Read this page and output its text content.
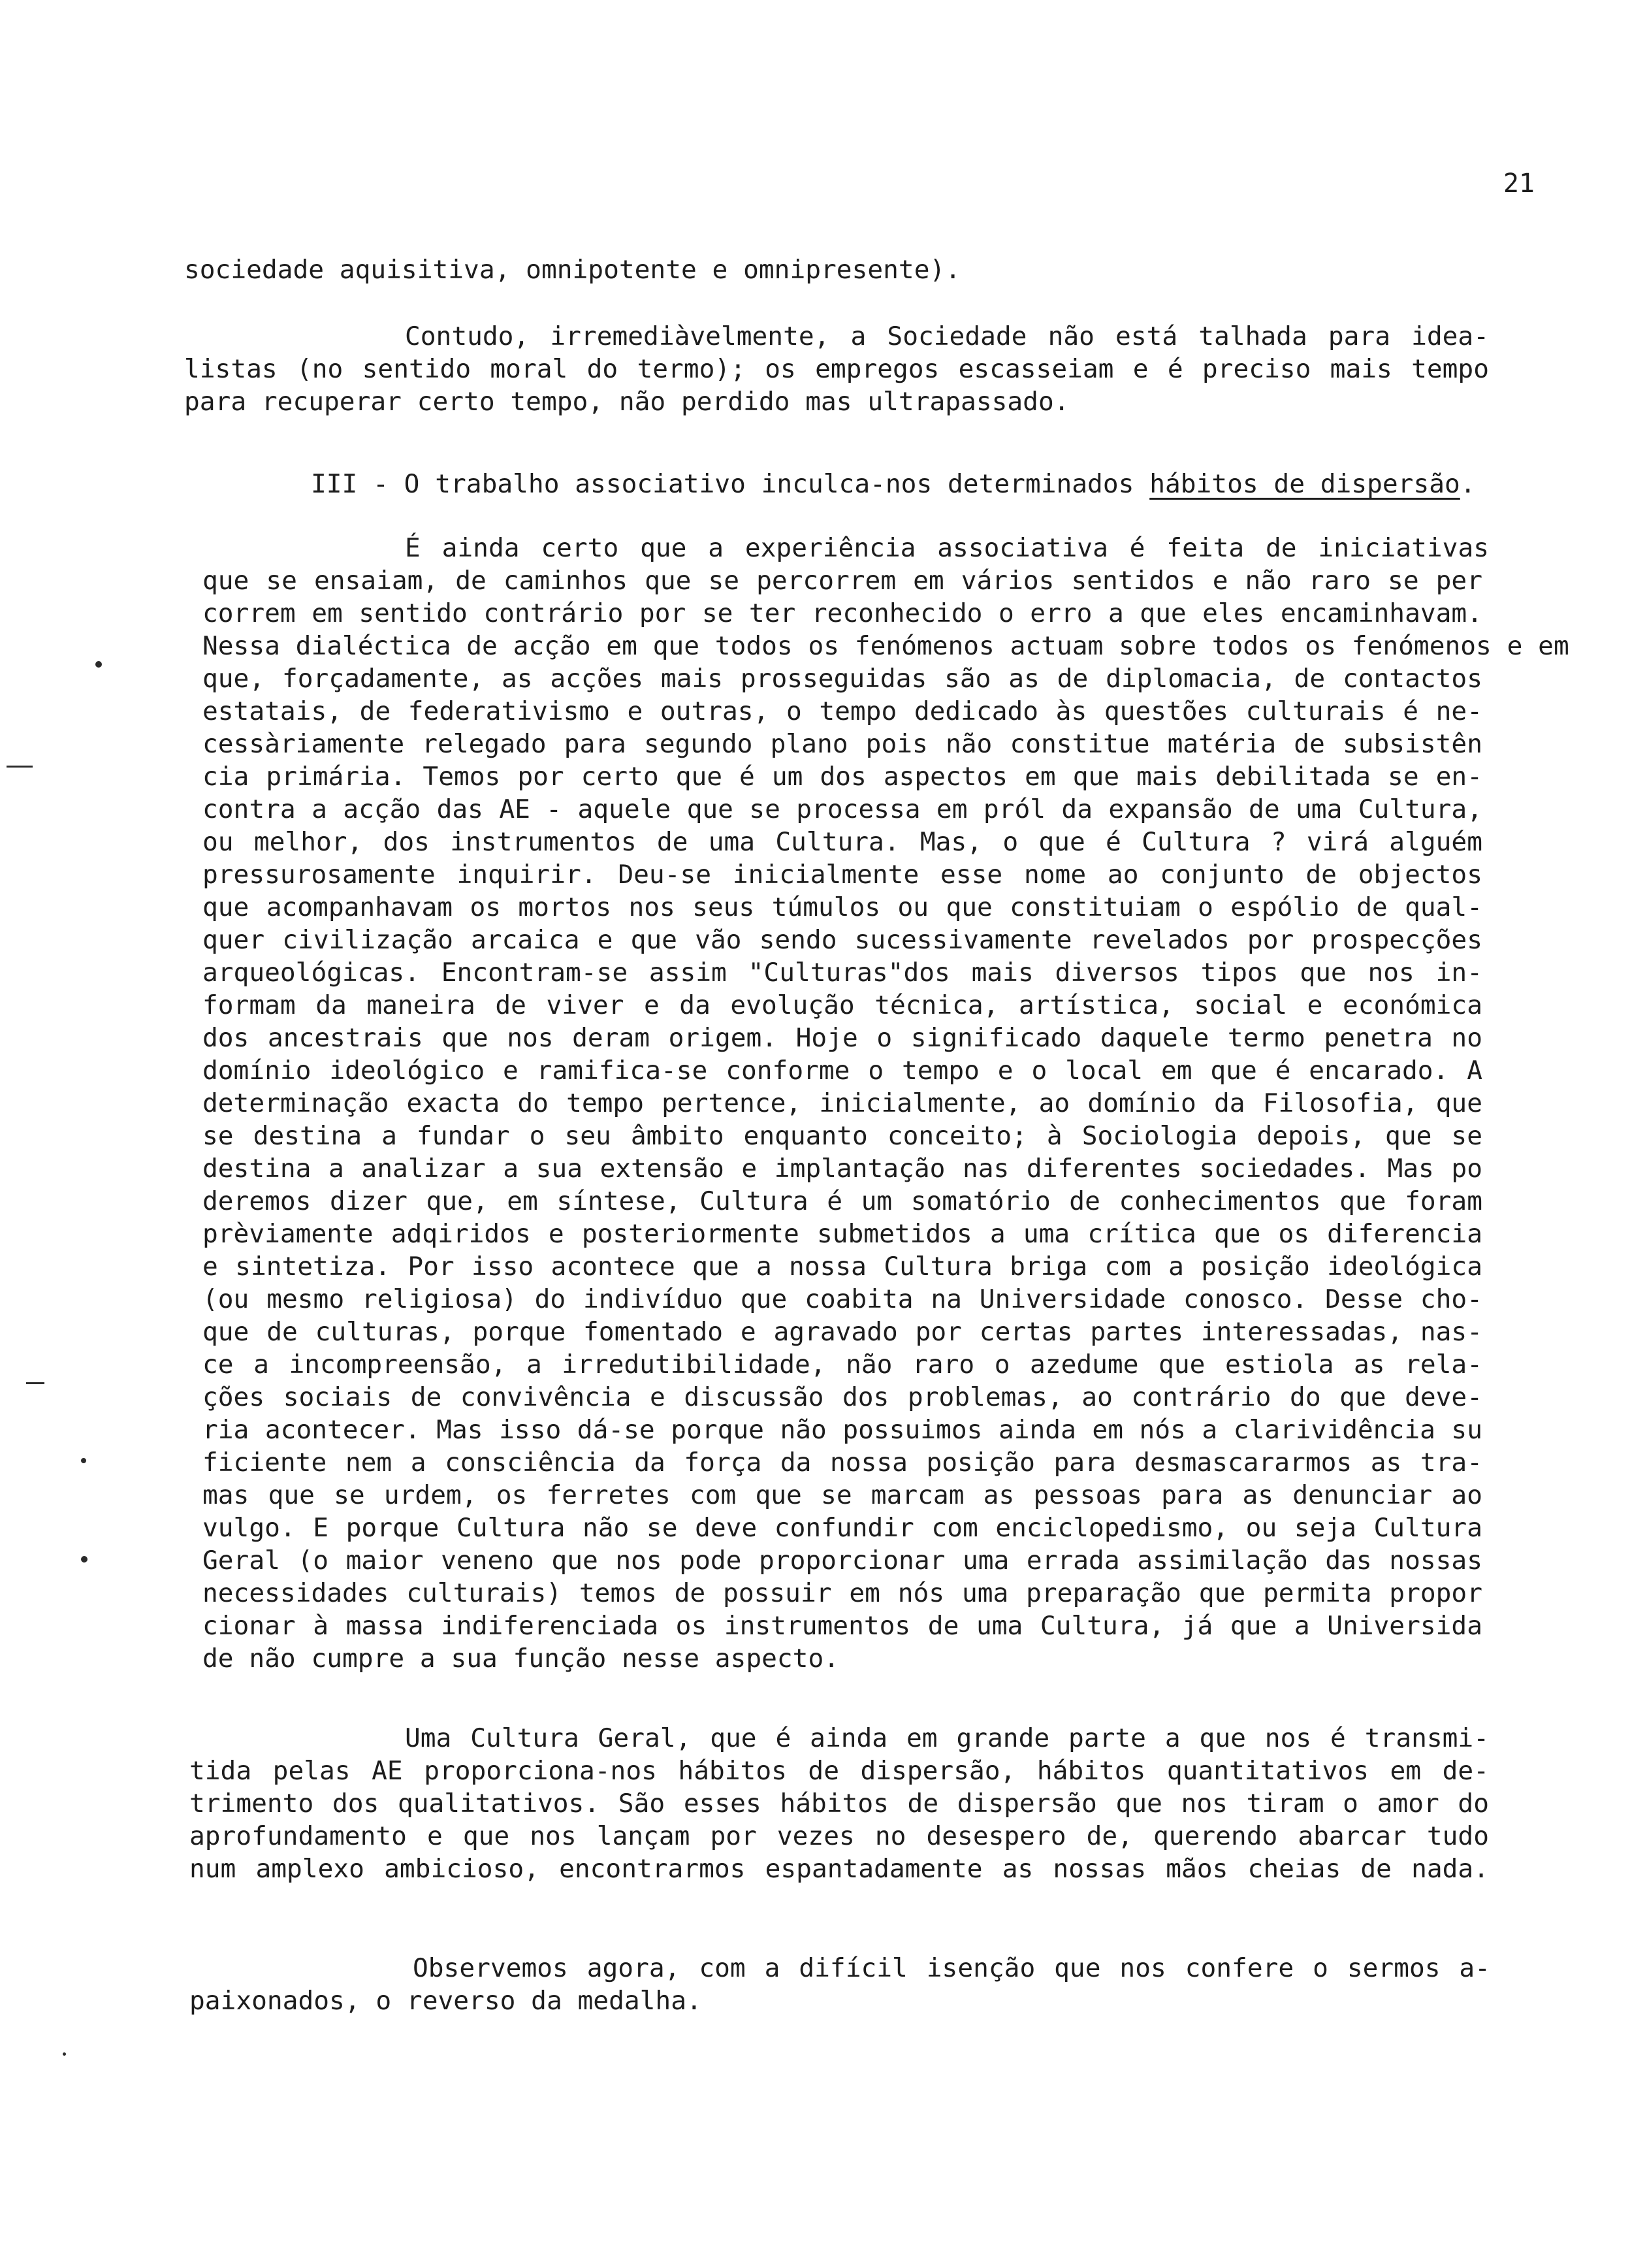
21
sociedade aquisitiva, omnipotente e omnipresente).
Contudo, irremediàvelmente, a Sociedade não está talhada para idea-
listas (no sentido moral do termo); os empregos escasseiam e é preciso mais tempo
para recuperar certo tempo, não perdido mas ultrapassado.
III - O trabalho associativo inculca-nos determinados hábitos de dispersão.
É ainda certo que a experiência associativa é feita de iniciativas
que se ensaiam, de caminhos que se percorrem em vários sentidos e não raro se per
correm em sentido contrário por se ter reconhecido o erro a que eles encaminhavam.
Nessa dialéctica de acção em que todos os fenómenos actuam sobre todos os fenómenos e em
que, forçadamente, as acções mais prosseguidas são as de diplomacia, de contactos
estatais, de federativismo e outras, o tempo dedicado às questões culturais é ne-
cessàriamente relegado para segundo plano pois não constitue matéria de subsistên
cia primária. Temos por certo que é um dos aspectos em que mais debilitada se en-
contra a acção das AE - aquele que se processa em pról da expansão de uma Cultura,
ou melhor, dos instrumentos de uma Cultura. Mas, o que é Cultura ? virá alguém
pressurosamente inquirir. Deu-se inicialmente esse nome ao conjunto de objectos
que acompanhavam os mortos nos seus túmulos ou que constituiam o espólio de qual-
quer civilização arcaica e que vão sendo sucessivamente revelados por prospecções
arqueológicas. Encontram-se assim "Culturas"dos mais diversos tipos que nos in-
formam da maneira de viver e da evolução técnica, artística, social e económica
dos ancestrais que nos deram origem. Hoje o significado daquele termo penetra no
domínio ideológico e ramifica-se conforme o tempo e o local em que é encarado. A
determinação exacta do tempo pertence, inicialmente, ao domínio da Filosofia, que
se destina a fundar o seu âmbito enquanto conceito; à Sociologia depois, que se
destina a analizar a sua extensão e implantação nas diferentes sociedades. Mas po
deremos dizer que, em síntese, Cultura é um somatório de conhecimentos que foram
prèviamente adqiridos e posteriormente submetidos a uma crítica que os diferencia
e sintetiza. Por isso acontece que a nossa Cultura briga com a posição ideológica
(ou mesmo religiosa) do indivíduo que coabita na Universidade conosco. Desse cho-
que de culturas, porque fomentado e agravado por certas partes interessadas, nas-
ce a incompreensão, a irredutibilidade, não raro o azedume que estiola as rela-
ções sociais de convivência e discussão dos problemas, ao contrário do que deve-
ria acontecer. Mas isso dá-se porque não possuimos ainda em nós a clarividência su
ficiente nem a consciência da força da nossa posição para desmascararmos as tra-
mas que se urdem, os ferretes com que se marcam as pessoas para as denunciar ao
vulgo. E porque Cultura não se deve confundir com enciclopedismo, ou seja Cultura
Geral (o maior veneno que nos pode proporcionar uma errada assimilação das nossas
necessidades culturais) temos de possuir em nós uma preparação que permita propor
cionar à massa indiferenciada os instrumentos de uma Cultura, já que a Universida
de não cumpre a sua função nesse aspecto.
Uma Cultura Geral, que é ainda em grande parte a que nos é transmi-
tida pelas AE proporciona-nos hábitos de dispersão, hábitos quantitativos em de-
trimento dos qualitativos. São esses hábitos de dispersão que nos tiram o amor do
aprofundamento e que nos lançam por vezes no desespero de, querendo abarcar tudo
num amplexo ambicioso, encontrarmos espantadamente as nossas mãos cheias de nada.
Observemos agora, com a difícil isenção que nos confere o sermos a-
paixonados, o reverso da medalha.
